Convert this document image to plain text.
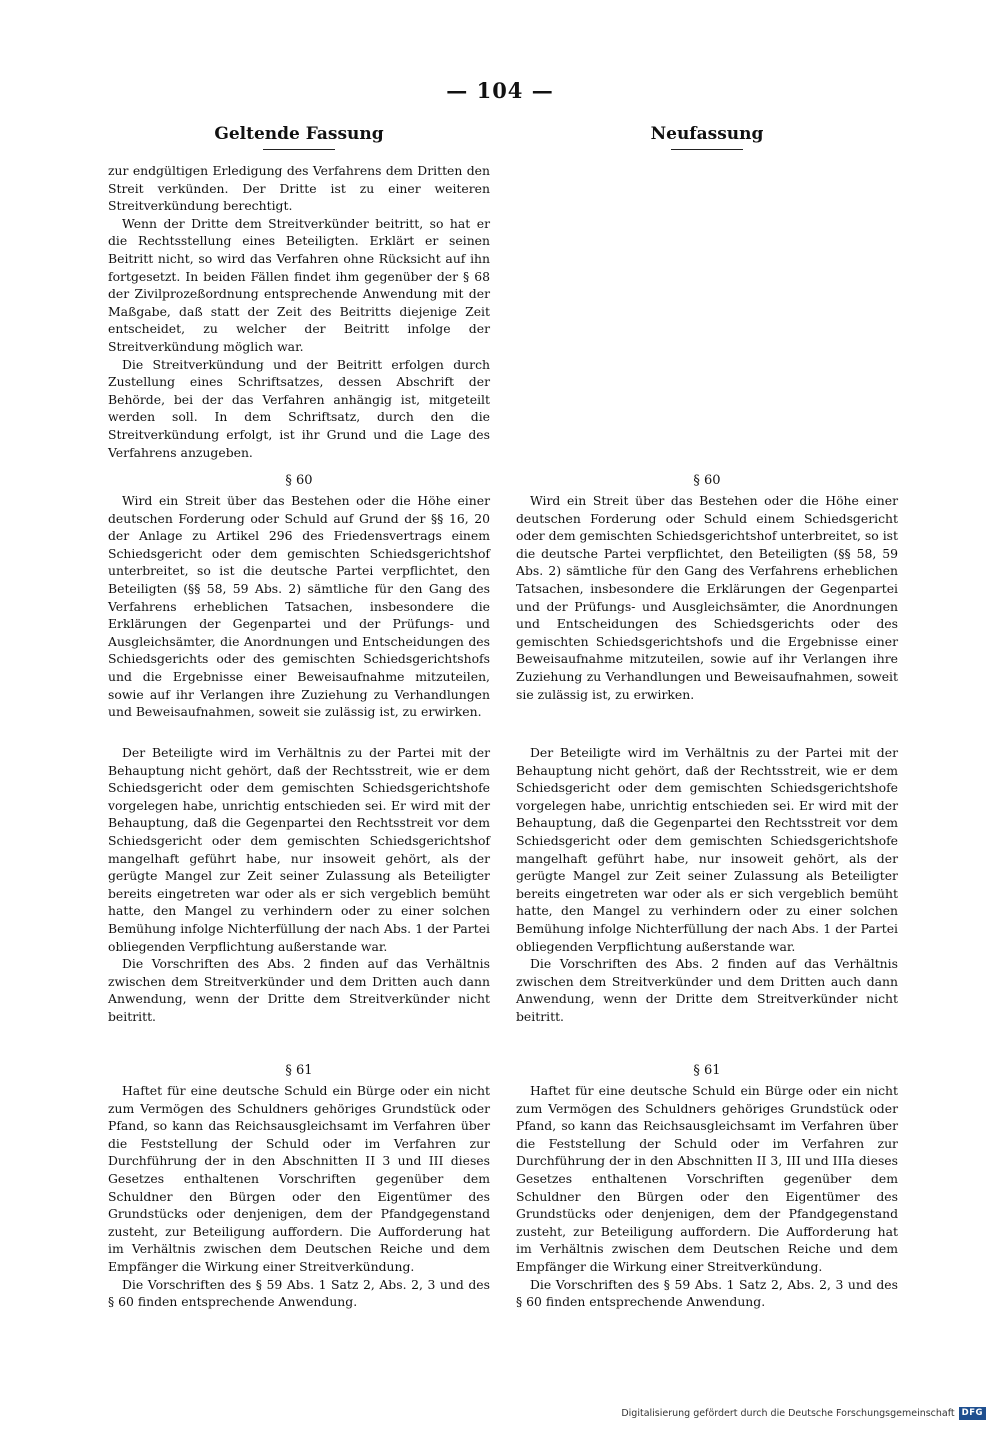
— 104 —
Geltende Fassung

zur endgültigen Erledigung des Verfahrens dem Dritten den Streit verkünden. Der Dritte ist zu einer weiteren Streitverkündung berechtigt.

Wenn der Dritte dem Streitverkünder beitritt, so hat er die Rechtsstellung eines Beteiligten. Erklärt er seinen Beitritt nicht, so wird das Verfahren ohne Rücksicht auf ihn fortgesetzt. In beiden Fällen findet ihm gegenüber der § 68 der Zivilprozeßordnung entsprechende Anwendung mit der Maßgabe, daß statt der Zeit des Beitritts diejenige Zeit entscheidet, zu welcher der Beitritt infolge der Streitverkündung möglich war.

Die Streitverkündung und der Beitritt erfolgen durch Zustellung eines Schriftsatzes, dessen Abschrift der Behörde, bei der das Verfahren anhängig ist, mitgeteilt werden soll. In dem Schriftsatz, durch den die Streitverkündung erfolgt, ist ihr Grund und die Lage des Verfahrens anzugeben.

§ 60

Wird ein Streit über das Bestehen oder die Höhe einer deutschen Forderung oder Schuld auf Grund der §§ 16, 20 der Anlage zu Artikel 296 des Friedensvertrags einem Schiedsgericht oder dem gemischten Schiedsgerichtshof unterbreitet, so ist die deutsche Partei verpflichtet, den Beteiligten (§§ 58, 59 Abs. 2) sämtliche für den Gang des Verfahrens erheblichen Tatsachen, insbesondere die Erklärungen der Gegenpartei und der Prüfungs- und Ausgleichsämter, die Anordnungen und Entscheidungen des Schiedsgerichts oder des gemischten Schiedsgerichtshofs und die Ergebnisse einer Beweisaufnahme mitzuteilen, sowie auf ihr Verlangen ihre Zuziehung zu Verhandlungen und Beweisaufnahmen, soweit sie zulässig ist, zu erwirken.

Der Beteiligte wird im Verhältnis zu der Partei mit der Behauptung nicht gehört, daß der Rechtsstreit, wie er dem Schiedsgericht oder dem gemischten Schiedsgerichtshofe vorgelegen habe, unrichtig entschieden sei. Er wird mit der Behauptung, daß die Gegenpartei den Rechtsstreit vor dem Schiedsgericht oder dem gemischten Schiedsgerichtshof mangelhaft geführt habe, nur insoweit gehört, als der gerügte Mangel zur Zeit seiner Zulassung als Beteiligter bereits eingetreten war oder als er sich vergeblich bemüht hatte, den Mangel zu verhindern oder zu einer solchen Bemühung infolge Nichterfüllung der nach Abs. 1 der Partei obliegenden Verpflichtung außerstande war.

Die Vorschriften des Abs. 2 finden auf das Verhältnis zwischen dem Streitverkünder und dem Dritten auch dann Anwendung, wenn der Dritte dem Streitverkünder nicht beitritt.

§ 61

Haftet für eine deutsche Schuld ein Bürge oder ein nicht zum Vermögen des Schuldners gehöriges Grundstück oder Pfand, so kann das Reichsausgleichsamt im Verfahren über die Feststellung der Schuld oder im Verfahren zur Durchführung der in den Abschnitten II 3 und III dieses Gesetzes enthaltenen Vorschriften gegenüber dem Schuldner den Bürgen oder den Eigentümer des Grundstücks oder denjenigen, dem der Pfandgegenstand zusteht, zur Beteiligung auffordern. Die Aufforderung hat im Verhältnis zwischen dem Deutschen Reiche und dem Empfänger die Wirkung einer Streitverkündung.

Die Vorschriften des § 59 Abs. 1 Satz 2, Abs. 2, 3 und des § 60 finden entsprechende Anwendung.

Neufassung
§ 60

Wird ein Streit über das Bestehen oder die Höhe einer deutschen Forderung oder Schuld einem Schiedsgericht oder dem gemischten Schiedsgerichtshof unterbreitet, so ist die deutsche Partei verpflichtet, den Beteiligten (§§ 58, 59 Abs. 2) sämtliche für den Gang des Verfahrens erheblichen Tatsachen, insbesondere die Erklärungen der Gegenpartei und der Prüfungs- und Ausgleichsämter, die Anordnungen und Entscheidungen des Schiedsgerichts oder des gemischten Schiedsgerichtshofs und die Ergebnisse einer Beweisaufnahme mitzuteilen, sowie auf ihr Verlangen ihre Zuziehung zu Verhandlungen und Beweisaufnahmen, soweit sie zulässig ist, zu erwirken.

Der Beteiligte wird im Verhältnis zu der Partei mit der Behauptung nicht gehört, daß der Rechtsstreit, wie er dem Schiedsgericht oder dem gemischten Schiedsgerichtshofe vorgelegen habe, unrichtig entschieden sei. Er wird mit der Behauptung, daß die Gegenpartei den Rechtsstreit vor dem Schiedsgericht oder dem gemischten Schiedsgerichtshofe mangelhaft geführt habe, nur insoweit gehört, als der gerügte Mangel zur Zeit seiner Zulassung als Beteiligter bereits eingetreten war oder als er sich vergeblich bemüht hatte, den Mangel zu verhindern oder zu einer solchen Bemühung infolge Nichterfüllung der nach Abs. 1 der Partei obliegenden Verpflichtung außerstande war.

Die Vorschriften des Abs. 2 finden auf das Verhältnis zwischen dem Streitverkünder und dem Dritten auch dann Anwendung, wenn der Dritte dem Streitverkünder nicht beitritt.

§ 61

Haftet für eine deutsche Schuld ein Bürge oder ein nicht zum Vermögen des Schuldners gehöriges Grundstück oder Pfand, so kann das Reichsausgleichsamt im Verfahren über die Feststellung der Schuld oder im Verfahren zur Durchführung der in den Abschnitten II 3, III und IIIa dieses Gesetzes enthaltenen Vorschriften gegenüber dem Schuldner den Bürgen oder den Eigentümer des Grundstücks oder denjenigen, dem der Pfandgegenstand zusteht, zur Beteiligung auffordern. Die Aufforderung hat im Verhältnis zwischen dem Deutschen Reiche und dem Empfänger die Wirkung einer Streitverkündung.

Die Vorschriften des § 59 Abs. 1 Satz 2, Abs. 2, 3 und des § 60 finden entsprechende Anwendung.

Digitalisierung gefördert durch die Deutsche Forschungsgemeinschaft DFG
